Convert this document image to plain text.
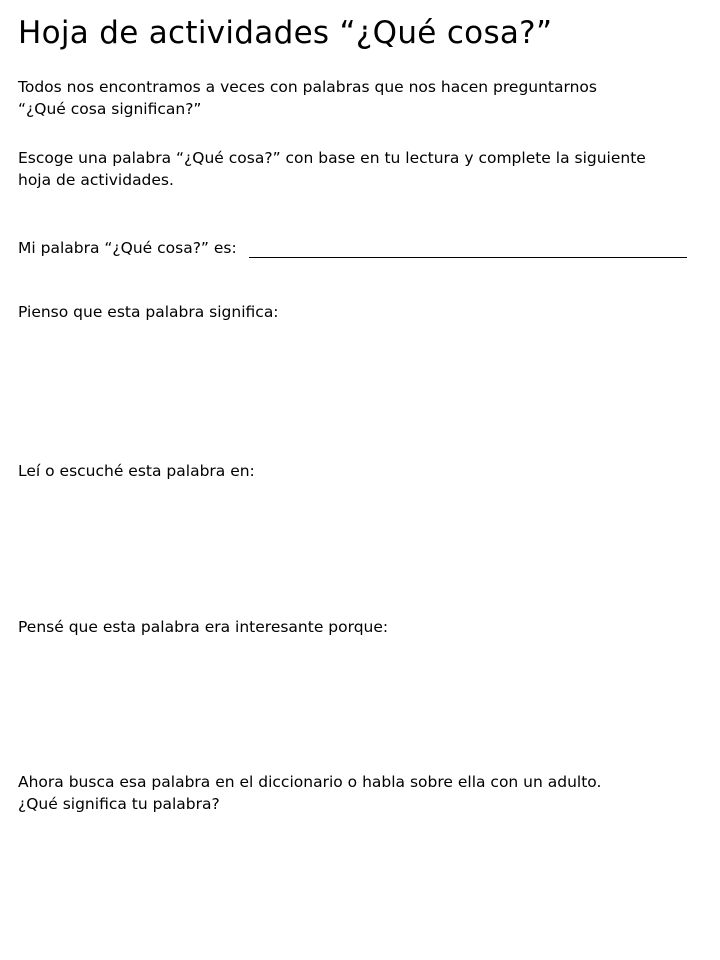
Hoja de actividades “¿Qué cosa?”

Todos nos encontramos a veces con palabras que nos hacen preguntarnos
“¿Qué cosa significan?”

Escoge una palabra “¿Qué cosa?” con base en tu lectura y complete la siguiente
hoja de actividades.

Mi palabra “¿Qué cosa?” es:

Pienso que esta palabra significa:

Leí o escuché esta palabra en:

Pensé que esta palabra era interesante porque:

Ahora busca esa palabra en el diccionario o habla sobre ella con un adulto.
¿Qué significa tu palabra?
